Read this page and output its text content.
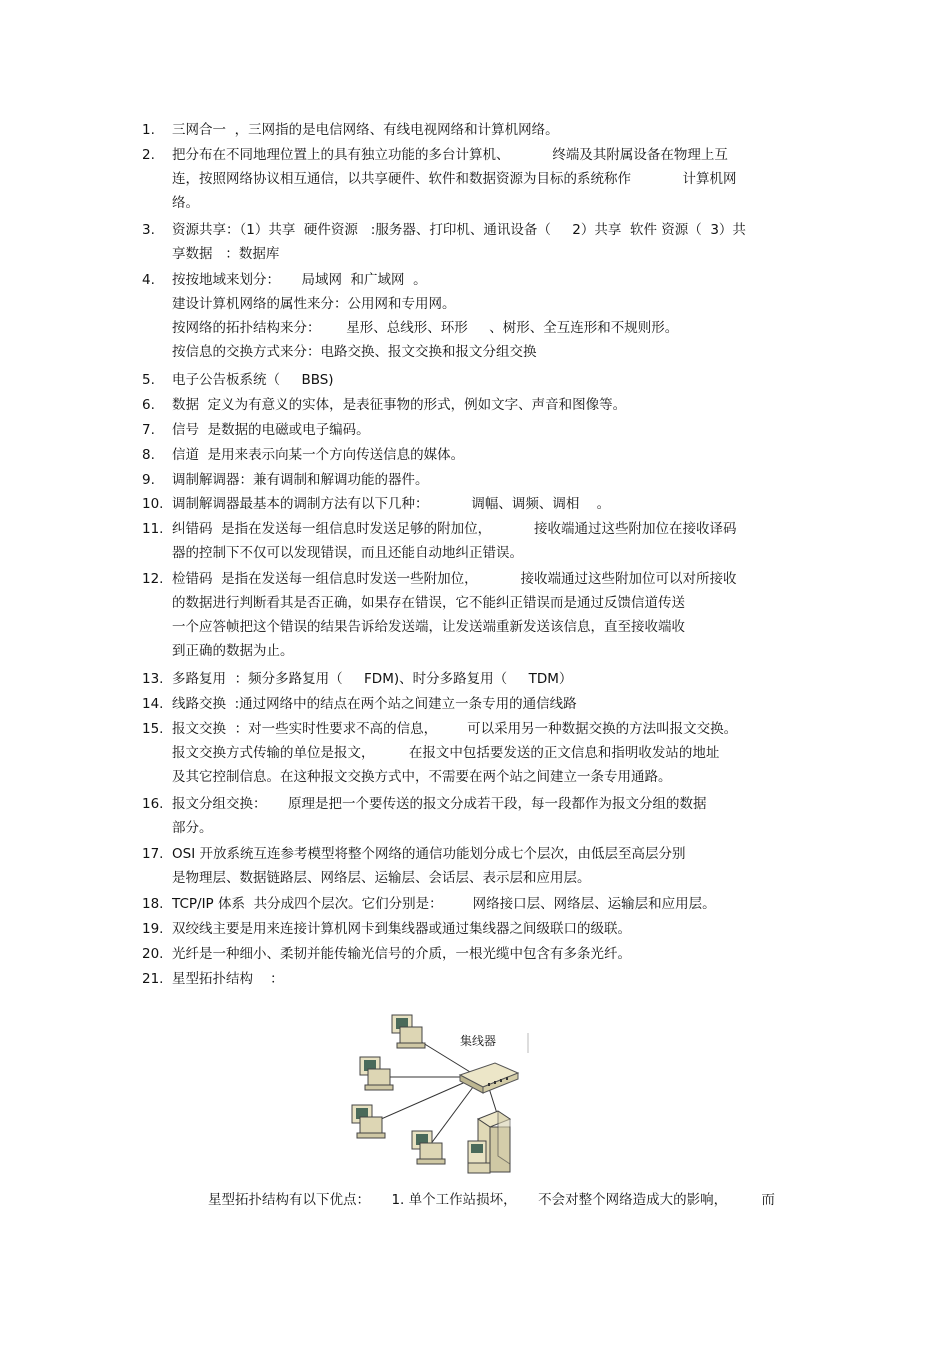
1.	三网合一  ，三网指的是电信网络、有线电视网络和计算机网络。
2.	把分布在不同地理位置上的具有独立功能的多台计算机、          终端及其附属设备在物理上互
连，按照网络协议相互通信，以共享硬件、软件和数据资源为目标的系统称作            计算机网
络。
3.	资源共享：（1）共享  硬件资源   :服务器、打印机、通讯设备（     2）共享  软件 资源（  3）共
享数据   ：数据库
4.	按按地域来划分：     局域网  和广域网  。
建设计算机网络的属性来分：公用网和专用网。
按网络的拓扑结构来分：      星形、总线形、环形     、树形、全互连形和不规则形。
按信息的交换方式来分：电路交换、报文交换和报文分组交换
5.	电子公告板系统（     BBS)
6.	数据  定义为有意义的实体，是表征事物的形式，例如文字、声音和图像等。
7.	信号  是数据的电磁或电子编码。
8.	信道  是用来表示向某一个方向传送信息的媒体。
9.	调制解调器：兼有调制和解调功能的器件。
10. 调制解调器最基本的调制方法有以下几种：          调幅、调频、调相    。
11. 纠错码  是指在发送每一组信息时发送足够的附加位，          接收端通过这些附加位在接收译码
器的控制下不仅可以发现错误，而且还能自动地纠正错误。
12. 检错码  是指在发送每一组信息时发送一些附加位，          接收端通过这些附加位可以对所接收
的数据进行判断看其是否正确，如果存在错误，它不能纠正错误而是通过反馈信道传送
一个应答帧把这个错误的结果告诉给发送端，让发送端重新发送该信息，直至接收端收
到正确的数据为止。
13. 多路复用  ：频分多路复用（     FDM)、时分多路复用（     TDM）
14. 线路交换  :通过网络中的结点在两个站之间建立一条专用的通信线路
15. 报文交换  ：对一些实时性要求不高的信息，       可以采用另一种数据交换的方法叫报文交换。
报文交换方式传输的单位是报文，        在报文中包括要发送的正文信息和指明收发站的地址
及其它控制信息。在这种报文交换方式中，不需要在两个站之间建立一条专用通路。
16. 报文分组交换：     原理是把一个要传送的报文分成若干段，每一段都作为报文分组的数据
部分。
17. OSI 开放系统互连参考模型将整个网络的通信功能划分成七个层次，由低层至高层分别
是物理层、数据链路层、网络层、运输层、会话层、表示层和应用层。
18. TCP/IP 体系  共分成四个层次。它们分别是：       网络接口层、网络层、运输层和应用层。
19. 双绞线主要是用来连接计算机网卡到集线器或通过集线器之间级联口的级联。
20. 光纤是一种细小、柔韧并能传输光信号的介质，一根光缆中包含有多条光纤。
21. 星型拓扑结构    ：
集线器
星型拓扑结构有以下优点：     1. 单个工作站损坏，     不会对整个网络造成大的影响，        而
